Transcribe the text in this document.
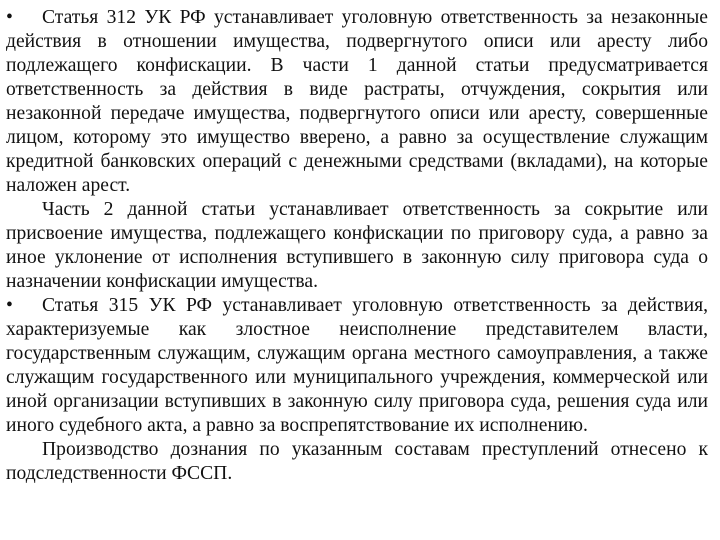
• Статья 312 УК РФ устанавливает уголовную ответственность за незаконные действия в отношении имущества, подвергнутого описи или аресту либо подлежащего конфискации. В части 1 данной статьи предусматривается ответственность за действия в виде растраты, отчуждения, сокрытия или незаконной передаче имущества, подвергнутого описи или аресту, совершенные лицом, которому это имущество вверено, а равно за осуществление служащим кредитной банковских операций с денежными средствами (вкладами), на которые наложен арест.

Часть 2 данной статьи устанавливает ответственность за сокрытие или присвоение имущества, подлежащего конфискации по приговору суда, а равно за иное уклонение от исполнения вступившего в законную силу приговора суда о назначении конфискации имущества.

• Статья 315 УК РФ устанавливает уголовную ответственность за действия, характеризуемые как злостное неисполнение представителем власти, государственным служащим, служащим органа местного самоуправления, а также служащим государственного или муниципального учреждения, коммерческой или иной организации вступивших в законную силу приговора суда, решения суда или иного судебного акта, а равно за воспрепятствование их исполнению.

Производство дознания по указанным составам преступлений отнесено к подследственности ФССП.
